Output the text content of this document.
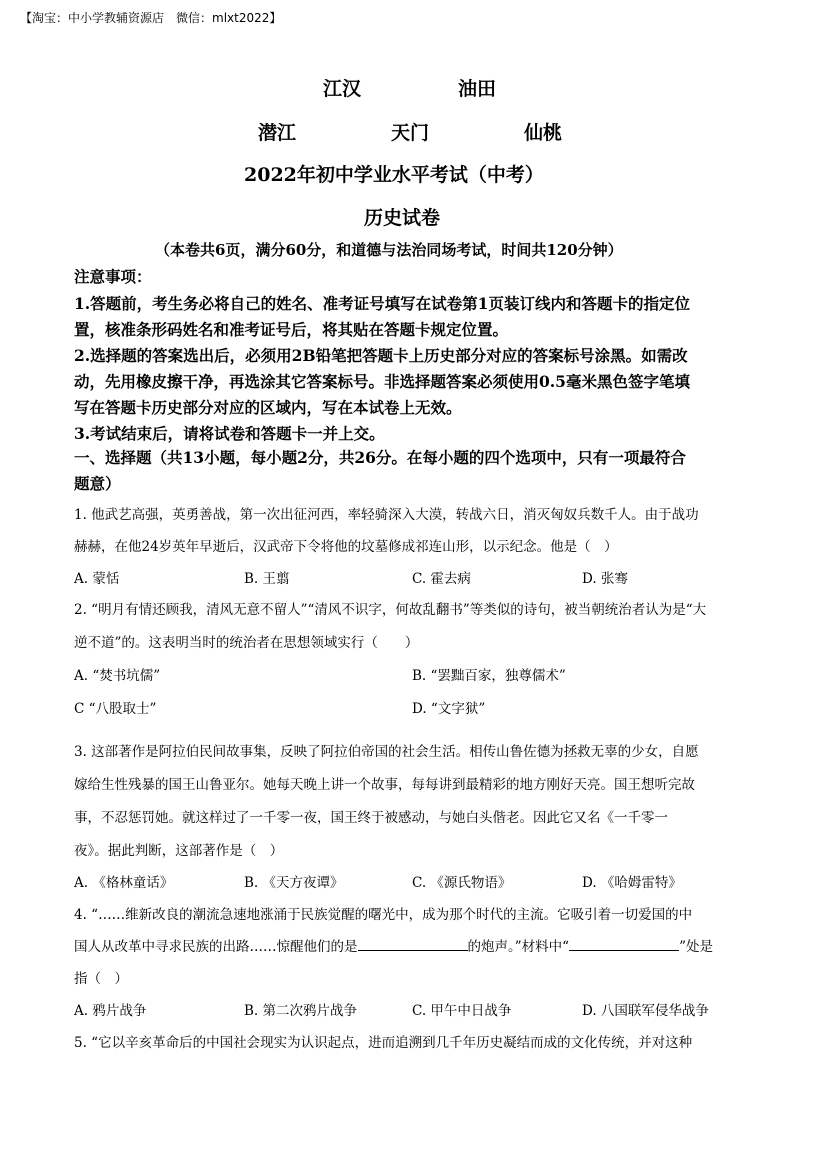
【淘宝：中小学教辅资源店　微信：mlxt2022】
江汉	油田
潜江	天门	仙桃
2022年初中学业水平考试（中考）
历史试卷
（本卷共6页，满分60分，和道德与法治同场考试，时间共120分钟）
注意事项：
1.答题前，考生务必将自己的姓名、准考证号填写在试卷第1页装订线内和答题卡的指定位
置，核准条形码姓名和准考证号后，将其贴在答题卡规定位置。
2.选择题的答案选出后，必须用2B铅笔把答题卡上历史部分对应的答案标号涂黑。如需改
动，先用橡皮擦干净，再选涂其它答案标号。非选择题答案必须使用0.5毫米黑色签字笔填
写在答题卡历史部分对应的区域内，写在本试卷上无效。
3.考试结束后，请将试卷和答题卡一并上交。
一、选择题（共13小题，每小题2分，共26分。在每小题的四个选项中，只有一项最符合
题意）
1. 他武艺高强，英勇善战，第一次出征河西，率轻骑深入大漠，转战六日，消灭匈奴兵数千人。由于战功
赫赫，在他24岁英年早逝后，汉武帝下令将他的坟墓修成祁连山形，以示纪念。他是（　）
A. 蒙恬	B. 王翦	C. 霍去病	D. 张骞
2. “明月有情还顾我，清风无意不留人”“清风不识字，何故乱翻书”等类似的诗句，被当朝统治者认为是“大
逆不道”的。这表明当时的统治者在思想领域实行（　　）
A. “焚书坑儒”	B. “罢黜百家，独尊儒术”
C “八股取士”	D. “文字狱”
3. 这部著作是阿拉伯民间故事集，反映了阿拉伯帝国的社会生活。相传山鲁佐德为拯救无辜的少女，自愿
嫁给生性残暴的国王山鲁亚尔。她每天晚上讲一个故事，每每讲到最精彩的地方刚好天亮。国王想听完故
事，不忍惩罚她。就这样过了一千零一夜，国王终于被感动，与她白头偕老。因此它又名《一千零一
夜》。据此判断，这部著作是（　）
A. 《格林童话》	B. 《天方夜谭》	C. 《源氏物语》	D. 《哈姆雷特》
4. “……维新改良的潮流急速地涨涌于民族觉醒的曙光中，成为那个时代的主流。它吸引着一切爱国的中
国人从改革中寻求民族的出路……惊醒他们的是	的炮声。”材料中“	”处是
指（　）
A. 鸦片战争	B. 第二次鸦片战争	C. 甲午中日战争	D. 八国联军侵华战争
5. “它以辛亥革命后的中国社会现实为认识起点，进而追溯到几千年历史凝结而成的文化传统，并对这种
